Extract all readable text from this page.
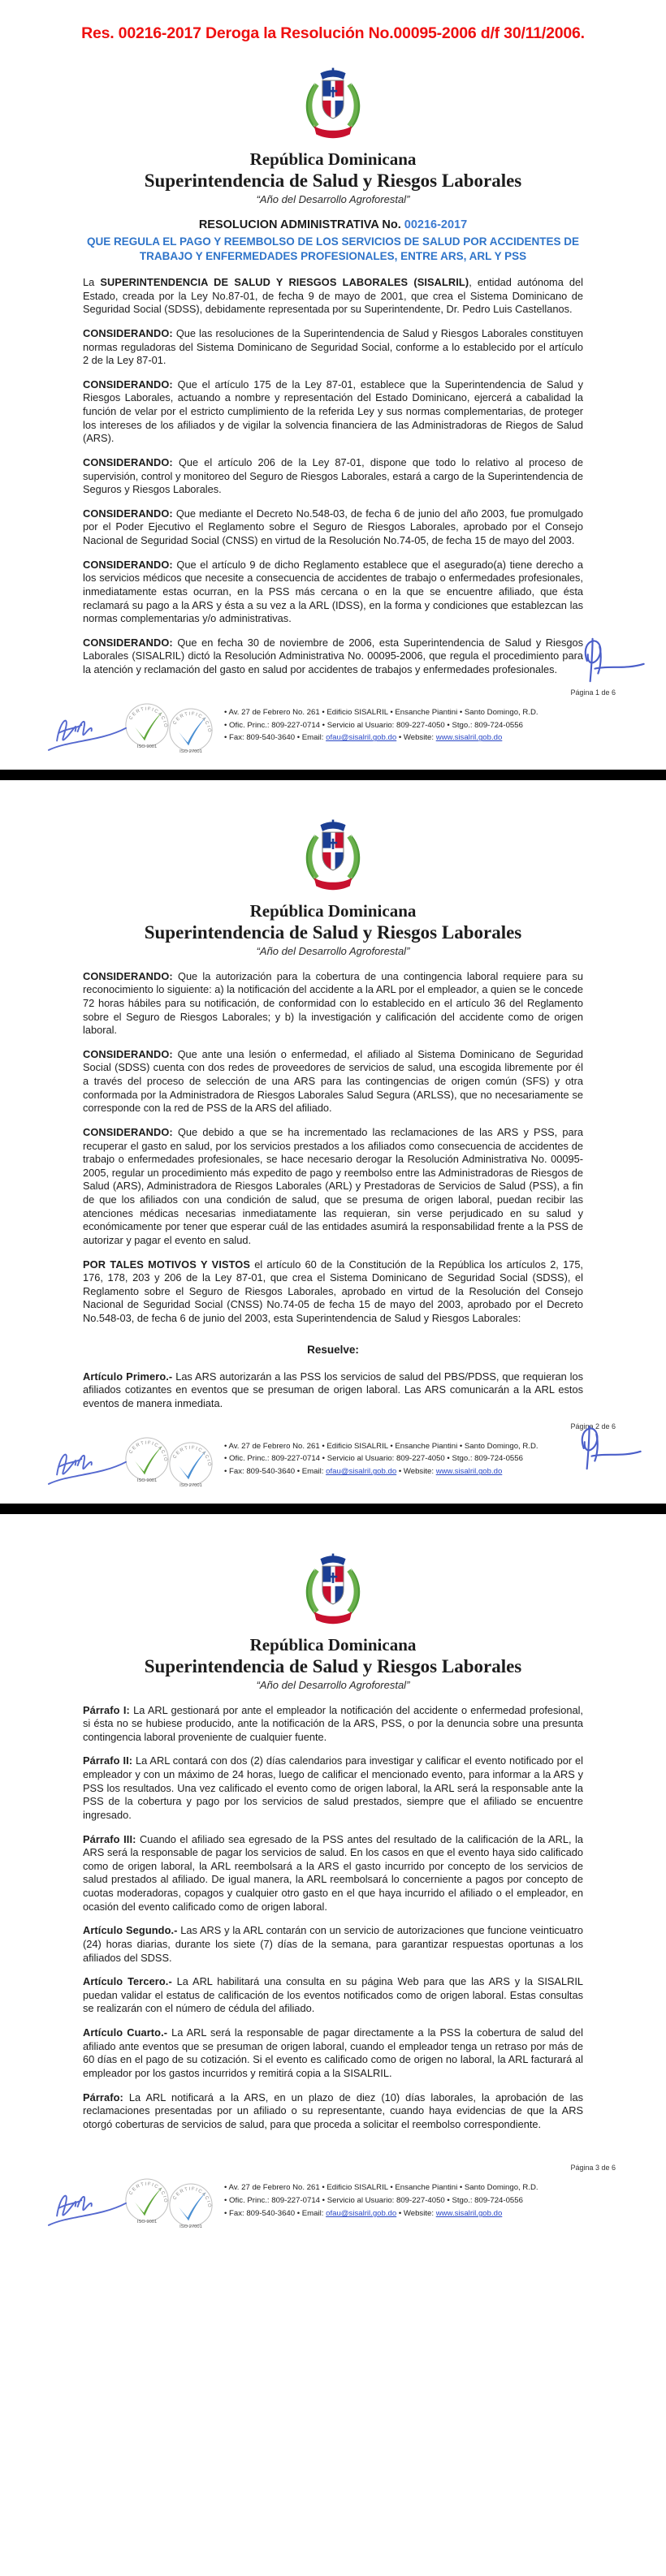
Res. 00216-2017 Deroga la Resolución No.00095-2006 d/f 30/11/2006.
República Dominicana
Superintendencia de Salud y Riesgos Laborales
“Año del Desarrollo Agroforestal”
RESOLUCION ADMINISTRATIVA No. 00216-2017
QUE REGULA EL PAGO Y REEMBOLSO DE LOS SERVICIOS DE SALUD POR ACCIDENTES DE TRABAJO Y ENFERMEDADES PROFESIONALES, ENTRE ARS, ARL Y PSS

La SUPERINTENDENCIA DE SALUD Y RIESGOS LABORALES (SISALRIL), entidad autónoma del Estado, creada por la Ley No.87-01, de fecha 9 de mayo de 2001, que crea el Sistema Dominicano de Seguridad Social (SDSS), debidamente representada por su Superintendente, Dr. Pedro Luis Castellanos.

CONSIDERANDO: Que las resoluciones de la Superintendencia de Salud y Riesgos Laborales constituyen normas reguladoras del Sistema Dominicano de Seguridad Social, conforme a lo establecido por el artículo 2 de la Ley 87-01.

CONSIDERANDO: Que el artículo 175 de la Ley 87-01, establece que la Superintendencia de Salud y Riesgos Laborales, actuando a nombre y representación del Estado Dominicano, ejercerá a cabalidad la función de velar por el estricto cumplimiento de la referida Ley y sus normas complementarias, de proteger los intereses de los afiliados y de vigilar la solvencia financiera de las Administradoras de Riegos de Salud (ARS).

CONSIDERANDO: Que el artículo 206 de la Ley 87-01, dispone que todo lo relativo al proceso de supervisión, control y monitoreo del Seguro de Riesgos Laborales, estará a cargo de la Superintendencia de Seguros y Riesgos Laborales.

CONSIDERANDO: Que mediante el Decreto No.548-03, de fecha 6 de junio del año 2003, fue promulgado por el Poder Ejecutivo el Reglamento sobre el Seguro de Riesgos Laborales, aprobado por el Consejo Nacional de Seguridad Social (CNSS) en virtud de la Resolución No.74-05, de fecha 15 de mayo del 2003.

CONSIDERANDO: Que el artículo 9 de dicho Reglamento establece que el asegurado(a) tiene derecho a los servicios médicos que necesite a consecuencia de accidentes de trabajo o enfermedades profesionales, inmediatamente estas ocurran, en la PSS más cercana o en la que se encuentre afiliado, que ésta reclamará su pago a la ARS y ésta a su vez a la ARL (IDSS), en la forma y condiciones que establezcan las normas complementarias y/o administrativas.

CONSIDERANDO: Que en fecha 30 de noviembre de 2006, esta Superintendencia de Salud y Riesgos Laborales (SISALRIL) dictó la Resolución Administrativa No. 00095-2006, que regula el procedimiento para la atención y reclamación del gasto en salud por accidentes de trabajos y enfermedades profesionales.

Página 1 de 6
• Av. 27 de Febrero No. 261 • Edificio SISALRIL • Ensanche Piantini • Santo Domingo, R.D.
• Ofic. Princ.: 809-227-0714 • Servicio al Usuario: 809-227-4050 • Stgo.: 809-724-0556
• Fax: 809-540-3640 • Email: ofau@sisalril.gob.do • Website: www.sisalril.gob.do
República Dominicana
Superintendencia de Salud y Riesgos Laborales
“Año del Desarrollo Agroforestal”

CONSIDERANDO: Que la autorización para la cobertura de una contingencia laboral requiere para su reconocimiento lo siguiente: a) la notificación del accidente a la ARL por el empleador, a quien se le concede 72 horas hábiles para su notificación, de conformidad con lo establecido en el artículo 36 del Reglamento sobre el Seguro de Riesgos Laborales; y b) la investigación y calificación del accidente como de origen laboral.

CONSIDERANDO: Que ante una lesión o enfermedad, el afiliado al Sistema Dominicano de Seguridad Social (SDSS) cuenta con dos redes de proveedores de servicios de salud, una escogida libremente por él a través del proceso de selección de una ARS para las contingencias de origen común (SFS) y otra conformada por la Administradora de Riesgos Laborales Salud Segura (ARLSS), que no necesariamente se corresponde con la red de PSS de la ARS del afiliado.

CONSIDERANDO: Que debido a que se ha incrementado las reclamaciones de las ARS y PSS, para recuperar el gasto en salud, por los servicios prestados a los afiliados como consecuencia de accidentes de trabajo o enfermedades profesionales, se hace necesario derogar la Resolución Administrativa No. 00095-2005, regular un procedimiento más expedito de pago y reembolso entre las Administradoras de Riesgos de Salud (ARS), Administradora de Riesgos Laborales (ARL) y Prestadoras de Servicios de Salud (PSS), a fin de que los afiliados con una condición de salud, que se presuma de origen laboral, puedan recibir las atenciones médicas necesarias inmediatamente las requieran, sin verse perjudicado en su salud y económicamente por tener que esperar cuál de las entidades asumirá la responsabilidad frente a la PSS de autorizar y pagar el evento en salud.

POR TALES MOTIVOS Y VISTOS el artículo 60 de la Constitución de la República los artículos 2, 175, 176, 178, 203 y 206 de la Ley 87-01, que crea el Sistema Dominicano de Seguridad Social (SDSS), el Reglamento sobre el Seguro de Riesgos Laborales, aprobado en virtud de la Resolución del Consejo Nacional de Seguridad Social (CNSS) No.74-05 de fecha 15 de mayo del 2003, aprobado por el Decreto No.548-03, de fecha 6 de junio del 2003, esta Superintendencia de Salud y Riesgos Laborales:

Resuelve:

Artículo Primero.- Las ARS autorizarán a las PSS los servicios de salud del PBS/PDSS, que requieran los afiliados cotizantes en eventos que se presuman de origen laboral. Las ARS comunicarán a la ARL estos eventos de manera inmediata.

Página 2 de 6
• Av. 27 de Febrero No. 261 • Edificio SISALRIL • Ensanche Piantini • Santo Domingo, R.D.
• Ofic. Princ.: 809-227-0714 • Servicio al Usuario: 809-227-4050 • Stgo.: 809-724-0556
• Fax: 809-540-3640 • Email: ofau@sisalril.gob.do • Website: www.sisalril.gob.do
República Dominicana
Superintendencia de Salud y Riesgos Laborales
“Año del Desarrollo Agroforestal”

Párrafo I: La ARL gestionará por ante el empleador la notificación del accidente o enfermedad profesional, si ésta no se hubiese producido, ante la notificación de la ARS, PSS, o por la denuncia sobre una presunta contingencia laboral proveniente de cualquier fuente.

Párrafo II: La ARL contará con dos (2) días calendarios para investigar y calificar el evento notificado por el empleador y con un máximo de 24 horas, luego de calificar el mencionado evento, para informar a la ARS y PSS los resultados. Una vez calificado el evento como de origen laboral, la ARL será la responsable ante la PSS de la cobertura y pago por los servicios de salud prestados, siempre que el afiliado se encuentre ingresado.

Párrafo III: Cuando el afiliado sea egresado de la PSS antes del resultado de la calificación de la ARL, la ARS será la responsable de pagar los servicios de salud. En los casos en que el evento haya sido calificado como de origen laboral, la ARL reembolsará a la ARS el gasto incurrido por concepto de los servicios de salud prestados al afiliado. De igual manera, la ARL reembolsará lo concerniente a pagos por concepto de cuotas moderadoras, copagos y cualquier otro gasto en el que haya incurrido el afiliado o el empleador, en ocasión del evento calificado como de origen laboral.

Artículo Segundo.- Las ARS y la ARL contarán con un servicio de autorizaciones que funcione veinticuatro (24) horas diarias, durante los siete (7) días de la semana, para garantizar respuestas oportunas a los afiliados del SDSS.

Artículo Tercero.- La ARL habilitará una consulta en su página Web para que las ARS y la SISALRIL puedan validar el estatus de calificación de los eventos notificados como de origen laboral. Estas consultas se realizarán con el número de cédula del afiliado.

Artículo Cuarto.- La ARL será la responsable de pagar directamente a la PSS la cobertura de salud del afiliado ante eventos que se presuman de origen laboral, cuando el empleador tenga un retraso por más de 60 días en el pago de su cotización. Si el evento es calificado como de origen no laboral, la ARL facturará al empleador por los gastos incurridos y remitirá copia a la SISALRIL.

Párrafo: La ARL notificará a la ARS, en un plazo de diez (10) días laborales, la aprobación de las reclamaciones presentadas por un afiliado o su representante, cuando haya evidencias de que la ARS otorgó coberturas de servicios de salud, para que proceda a solicitar el reembolso correspondiente.

Página 3 de 6
• Av. 27 de Febrero No. 261 • Edificio SISALRIL • Ensanche Piantini • Santo Domingo, R.D.
• Ofic. Princ.: 809-227-0714 • Servicio al Usuario: 809-227-4050 • Stgo.: 809-724-0556
• Fax: 809-540-3640 • Email: ofau@sisalril.gob.do • Website: www.sisalril.gob.do
